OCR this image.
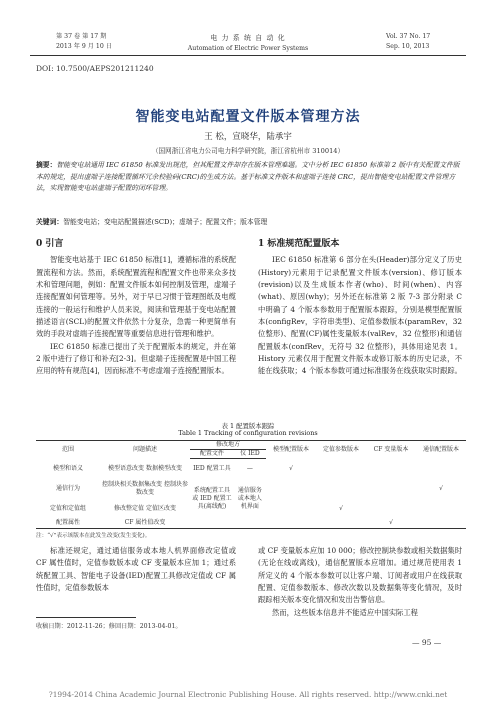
第 37 卷 第 17 期
2013 年 9 月 10 日
电 力 系 统 自 动 化
Automation of Electric Power Systems
Vol. 37 No. 17
Sep. 10, 2013
DOI: 10.7500/AEPS201211240
智能变电站配置文件版本管理方法
王 松，宣晓华，陆承宇
（国网浙江省电力公司电力科学研究院，浙江省杭州市 310014）
摘要：智能变电站通用 IEC 61850 标准发出规范，但其配置文件却存在版本管理难题。文中分析 IEC 61850 标准第 2 版中有关配置文件版本的规定，提出虚端子连接配置循环冗余校验码(CRC)的生成方法。基于标准文件版本和虚端子连接 CRC，提出智能变电站配置文件管理方法，实现智能变电站虚端子配置的闭环管理。
关键词：智能变电站；变电站配置描述(SCD)；虚端子；配置文件；版本管理
0 引言

智能变电站基于 IEC 61850 标准[1]，遵循标准的系统配置流程和方法。然而，系统配置流程和配置文件也带来众多技术和管理问题，例如：配置文件版本如何控制及管理，虚端子连接配置如何管理等。另外，对于早已习惯于管理图纸及电缆连接的一般运行和维护人员来说，阅读和管理基于变电站配置描述语言(SCL)的配置文件依然十分复杂，急需一种更简单有效的手段对虚端子连接配置等重要信息进行管理和维护。

IEC 61850 标准已提出了关于配置版本的规定，并在第 2 版中进行了修订和补充[2-3]。但虚端子连接配置是中国工程应用的特有规范[4]，因而标准不考虑虚端子连接配置版本。

1 标准规范配置版本

IEC 61850 标准第 6 部分在头(Header)部分定义了历史(History)元素用于记录配置文件版本(version)、修订版本(revision)以及生成版本作者(who)、时间(when)、内容(what)、原因(why)；另外还在标准第 2 版 7-3 部分附录 C 中明确了 4 个版本参数用于配置版本跟踪，分别是模型配置版本(configRev，字符串类型)、定值参数版本(paramRev，32 位整形)、配置(CF)属性变量版本(valRev，32 位整形)和通信配置版本(confRev，无符号 32 位整形)，具体用途见表 1。History 元素仅用于配置文件版本或修订版本的历史记录，不能在线获取；4 个版本参数可通过标准服务在线获取实时跟踪。

表 1 配置版本跟踪
Table 1 Tracking of configuration revisions
范围	问题描述	修改地方		模型配置版本	定值参数版本	CF 变量版本	通信配置版本
		配置文件	仪 IED				
模型和语义	模型语意改变 数据模型改变	IED 配置工具	—	√			
通信行为	控制块相关数据集改变 控制块参数改变	系统配置工具或 IED 配置工具(离线配)	通信服务或本地人机界面				√
定值和定值组	修改整定值 定值区改变				√		
配置属性	CF 属性值改变					√	
注：“√”表示该版本在此发生改变(发生变化)。

标准还规定，通过通信服务或本地人机界面修改定值或 CF 属性值时，定值参数版本或 CF 变量版本应加 1；通过系统配置工具、智能电子设备(IED)配置工具修改定值或 CF 属性值时，定值参数版本

或 CF 变量版本应加 10 000；修改控制块参数或相关数据集时(无论在线或离线)，通信配置版本应增加。通过规范使用表 1 所定义的 4 个版本参数可以让客户端、订阅者或用户在线获取配置、定值参数版本、修改次数以及数据集等变化情况，及时跟踪相关版本变化情况和发出告警信息。

然而，这些版本信息并不能适应中国实际工程

收稿日期：2012-11-26；修回日期：2013-04-01。
— 95 —
?1994-2014 China Academic Journal Electronic Publishing House. All rights reserved. http://www.cnki.net
